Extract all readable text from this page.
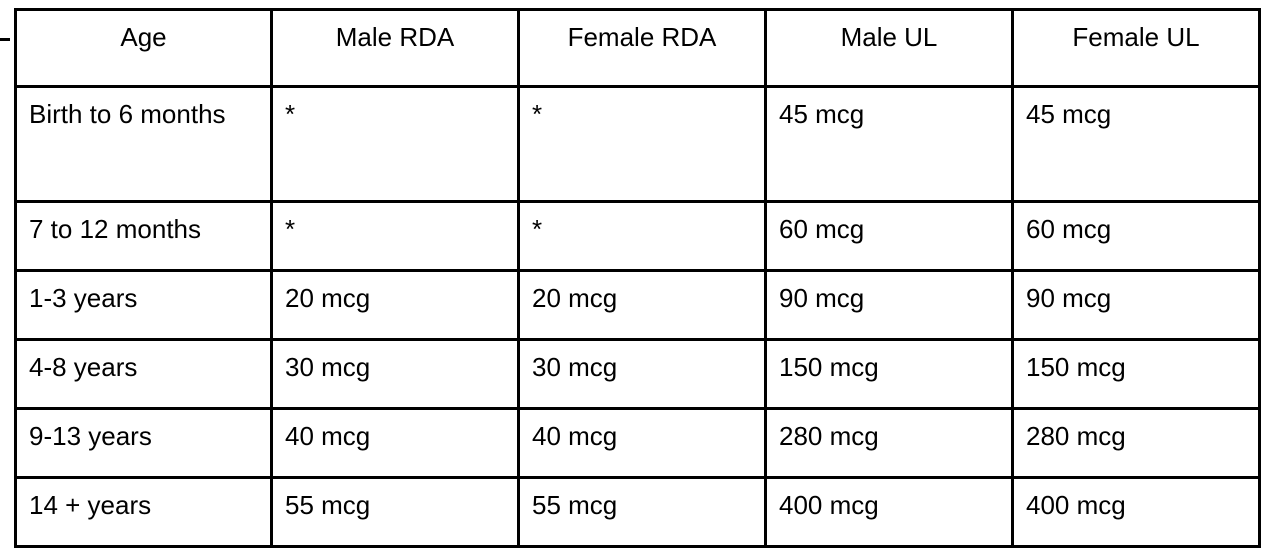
Age	Male RDA	Female RDA	Male UL	Female UL
Birth to 6 months	*	*	45 mcg	45 mcg
7 to 12 months	*	*	60 mcg	60 mcg
1-3 years	20 mcg	20 mcg	90 mcg	90 mcg
4-8 years	30 mcg	30 mcg	150 mcg	150 mcg
9-13 years	40 mcg	40 mcg	280 mcg	280 mcg
14 + years	55 mcg	55 mcg	400 mcg	400 mcg
